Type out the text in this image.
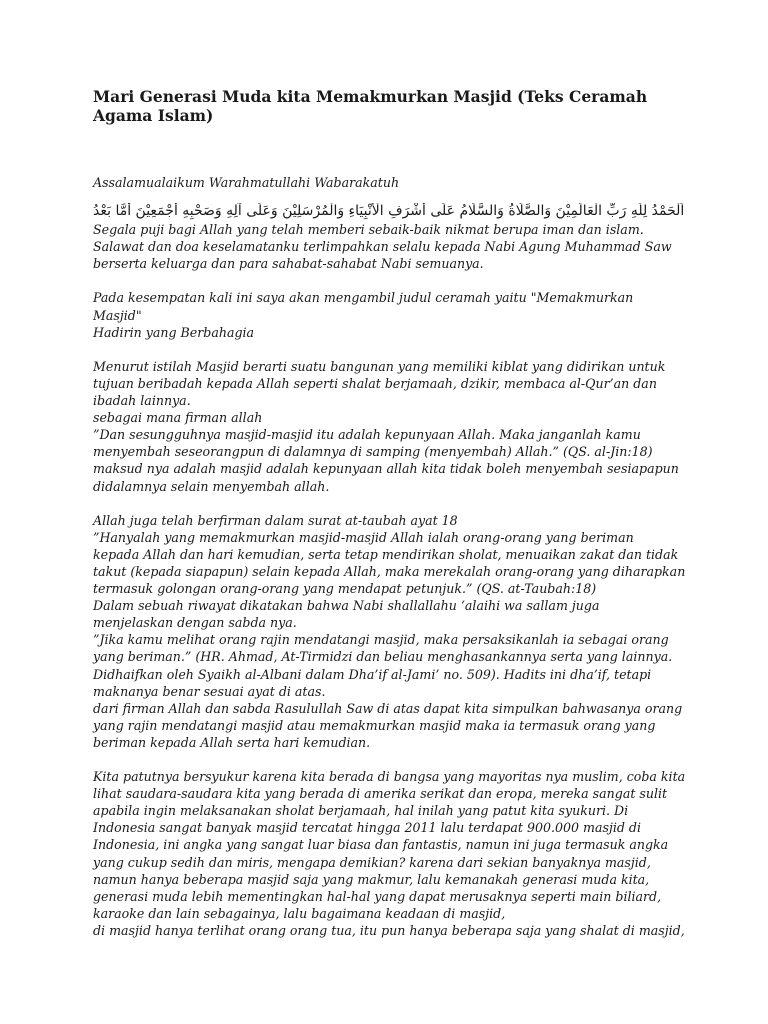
Mari Generasi Muda kita Memakmurkan Masjid (Teks Ceramah Agama Islam)
Assalamualaikum Warahmatullahi Wabarakatuh
اَلْحَمْدُ لِلّٰهِ رَبِّ الْعَالَمِيْنَ وَالصَّلَاةُ وَالسَّلَامُ عَلَى أَشْرَفِ الْأَنْبِيَاءِ وَالْمُرْسَلِيْنَ وَعَلَى آلِهِ وَصَحْبِهِ أَجْمَعِيْنَ أَمَّا بَعْدُ
Segala puji bagi Allah yang telah memberi sebaik-baik nikmat berupa iman dan islam.
Salawat dan doa keselamatanku terlimpahkan selalu kepada Nabi Agung Muhammad Saw
berserta keluarga dan para sahabat-sahabat Nabi semuanya.
Pada kesempatan kali ini saya akan mengambil judul ceramah yaitu "Memakmurkan
Masjid"
Hadirin yang Berbahagia
Menurut istilah Masjid berarti suatu bangunan yang memiliki kiblat yang didirikan untuk
tujuan beribadah kepada Allah seperti shalat berjamaah, dzikir, membaca al-Qur’an dan
ibadah lainnya.
sebagai mana firman allah
”Dan sesungguhnya masjid-masjid itu adalah kepunyaan Allah. Maka janganlah kamu
menyembah seseorangpun di dalamnya di samping (menyembah) Allah.” (QS. al-Jin:18)
maksud nya adalah masjid adalah kepunyaan allah kita tidak boleh menyembah sesiapapun
didalamnya selain menyembah allah.
Allah juga telah berfirman dalam surat at-taubah ayat 18
”Hanyalah yang memakmurkan masjid-masjid Allah ialah orang-orang yang beriman
kepada Allah dan hari kemudian, serta tetap mendirikan sholat, menuaikan zakat dan tidak
takut (kepada siapapun) selain kepada Allah, maka merekalah orang-orang yang diharapkan
termasuk golongan orang-orang yang mendapat petunjuk.” (QS. at-Taubah:18)
Dalam sebuah riwayat dikatakan bahwa Nabi shallallahu ‘alaihi wa sallam juga
menjelaskan dengan sabda nya.
”Jika kamu melihat orang rajin mendatangi masjid, maka persaksikanlah ia sebagai orang
yang beriman.” (HR. Ahmad, At-Tirmidzi dan beliau menghasankannya serta yang lainnya.
Didhaifkan oleh Syaikh al-Albani dalam Dha’if al-Jami’ no. 509). Hadits ini dha’if, tetapi
maknanya benar sesuai ayat di atas.
dari firman Allah dan sabda Rasulullah Saw di atas dapat kita simpulkan bahwasanya orang
yang rajin mendatangi masjid atau memakmurkan masjid maka ia termasuk orang yang
beriman kepada Allah serta hari kemudian.
Kita patutnya bersyukur karena kita berada di bangsa yang mayoritas nya muslim, coba kita
lihat saudara-saudara kita yang berada di amerika serikat dan eropa, mereka sangat sulit
apabila ingin melaksanakan sholat berjamaah, hal inilah yang patut kita syukuri. Di
Indonesia sangat banyak masjid tercatat hingga 2011 lalu terdapat 900.000 masjid di
Indonesia, ini angka yang sangat luar biasa dan fantastis, namun ini juga termasuk angka
yang cukup sedih dan miris, mengapa demikian? karena dari sekian banyaknya masjid,
namun hanya beberapa masjid saja yang makmur, lalu kemanakah generasi muda kita,
generasi muda lebih mementingkan hal-hal yang dapat merusaknya seperti main biliard,
karaoke dan lain sebagainya, lalu bagaimana keadaan di masjid,
di masjid hanya terlihat orang orang tua, itu pun hanya beberapa saja yang shalat di masjid,
